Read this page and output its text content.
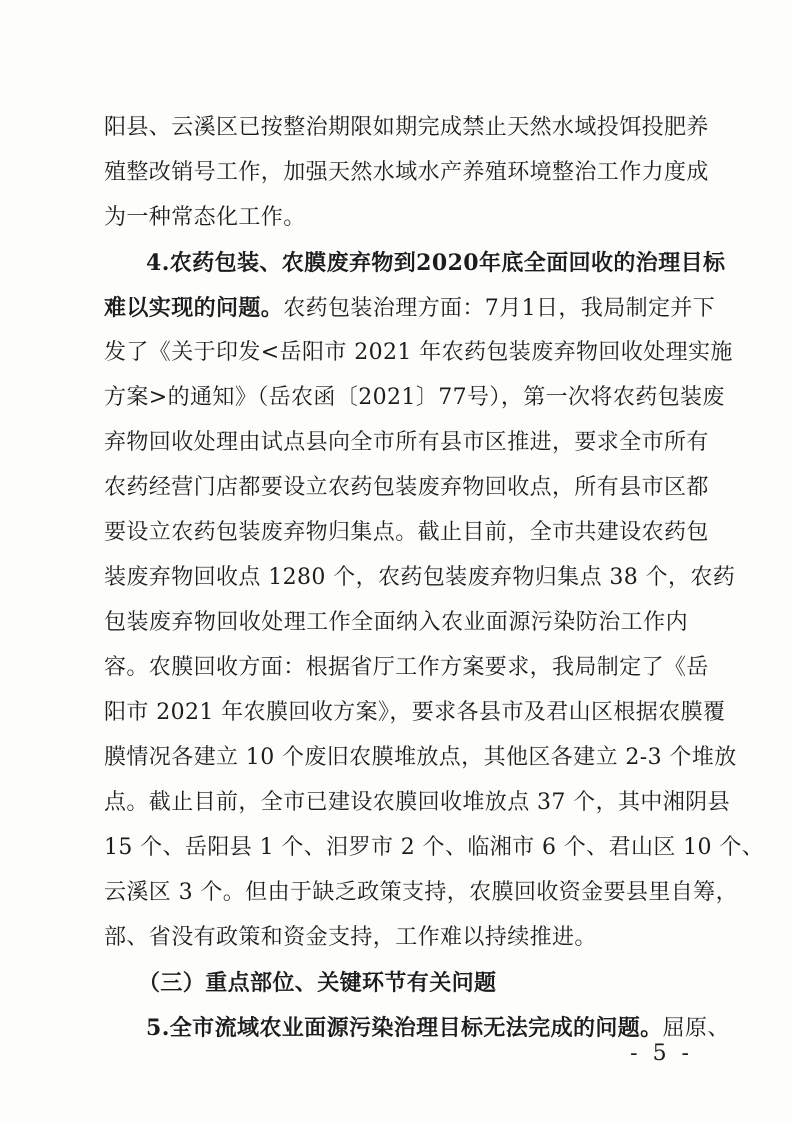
阳县、云溪区已按整治期限如期完成禁止天然水域投饵投肥养
殖整改销号工作，加强天然水域水产养殖环境整治工作力度成
为一种常态化工作。
4.农药包装、农膜废弃物到2020年底全面回收的治理目标
难以实现的问题。农药包装治理方面：7月1日，我局制定并下
发了《关于印发<岳阳市 2021 年农药包装废弃物回收处理实施
方案>的通知》（岳农函〔2021〕77号），第一次将农药包装废
弃物回收处理由试点县向全市所有县市区推进，要求全市所有
农药经营门店都要设立农药包装废弃物回收点，所有县市区都
要设立农药包装废弃物归集点。截止目前，全市共建设农药包
装废弃物回收点 1280 个，农药包装废弃物归集点 38 个，农药
包装废弃物回收处理工作全面纳入农业面源污染防治工作内
容。农膜回收方面：根据省厅工作方案要求，我局制定了《岳
阳市 2021 年农膜回收方案》，要求各县市及君山区根据农膜覆
膜情况各建立 10 个废旧农膜堆放点，其他区各建立 2-3 个堆放
点。截止目前，全市已建设农膜回收堆放点 37 个，其中湘阴县
15 个、岳阳县 1 个、汨罗市 2 个、临湘市 6 个、君山区 10 个、
云溪区 3 个。但由于缺乏政策支持，农膜回收资金要县里自筹，
部、省没有政策和资金支持，工作难以持续推进。
（三）重点部位、关键环节有关问题
5.全市流域农业面源污染治理目标无法完成的问题。屈原、
- 5 -
